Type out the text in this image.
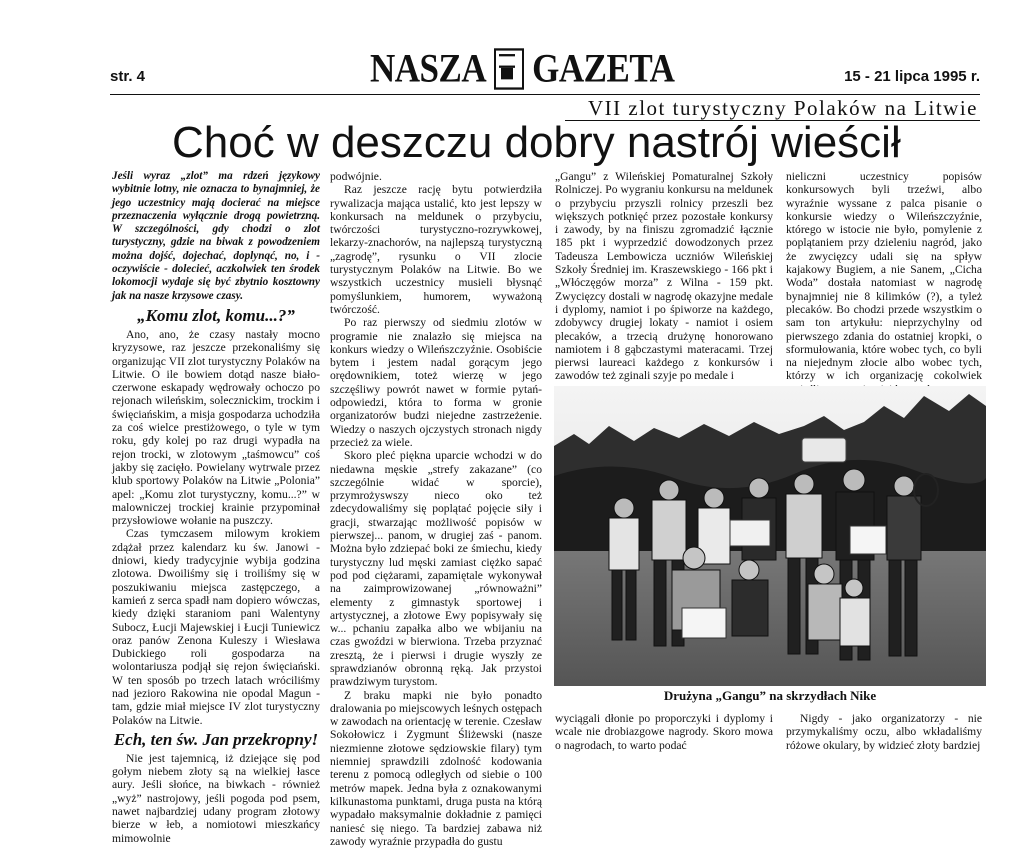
str. 4	NASZA GAZETA	15 - 21 lipca 1995 r.
VII zlot turystyczny Polaków na Litwie
Choć w deszczu dobry nastrój wieścił

Jeśli wyraz „zlot” ma rdzeń językowy wybitnie lotny, nie oznacza to bynajmniej, że jego uczestnicy mają docierać na miejsce przeznaczenia wyłącznie drogą powietrzną. W szczególności, gdy chodzi o zlot turystyczny, gdzie na biwak z powodzeniem można dojść, dojechać, doplynąć, no, i - oczywiście - dolecieć, aczkolwiek ten środek lokomocji wydaje się być zbytnio kosztowny jak na nasze krzysowe czasy.

„Komu zlot, komu...?”

Ano, ano, że czasy nastały mocno kryzysowe, raz jeszcze przekonaliśmy się organizując VII zlot turystyczny Polaków na Litwie. O ile bowiem dotąd nasze biało-czerwone eskapady wędrowały ochoczo po rejonach wileńskim, solecznickim, trockim i święciańskim, a misja gospodarza uchodziła za coś wielce prestiżowego, o tyle w tym roku, gdy kolej po raz drugi wypadła na rejon trocki, w zlotowym „taśmowcu” coś jakby się zacięło. Powielany wytrwale przez klub sportowy Polaków na Litwie „Polonia” apel: „Komu zlot turystyczny, komu...?” w malowniczej trockiej krainie przypominał przysłowiowe wołanie na puszczy.

Czas tymczasem milowym krokiem zdążał przez kalendarz ku św. Janowi - dniowi, kiedy tradycyjnie wybija godzina zlotowa. Dwoiliśmy się i troiliśmy się w poszukiwaniu miejsca zastępczego, a kamień z serca spadł nam dopiero wówczas, kiedy dzięki staraniom pani Walentyny Subocz, Łucji Majewskiej i Łucji Tuniewicz oraz panów Zenona Kuleszy i Wiesława Dubickiego roli gospodarza na wolontariusza podjął się rejon święciański. W ten sposób po trzech latach wróciliśmy nad jezioro Rakowina nie opodal Magun - tam, gdzie miał miejsce IV zlot turystyczny Polaków na Litwie.

Ech, ten św. Jan przekropny!

Nie jest tajemnicą, iż dziejące się pod gołym niebem złoty są na wielkiej łasce aury. Jeśli słońce, na biwkach - również „wyż” nastrojowy, jeśli pogoda pod psem, nawet najbardziej udany program złotowy bierze w łeb, a nomiotowi mieszkańcy mimowolnie

podwójnie.

Raz jeszcze rację bytu potwierdziła rywalizacja mająca ustalić, kto jest lepszy w konkursach na meldunek o przybyciu, twórczości turystyczno-rozrywkowej, lekarzy-znachorów, na najlepszą turystyczną „zagrodę”, rysunku o VII zlocie turystycznym Polaków na Litwie. Bo we wszystkich uczestnicy musieli błysnąć pomyślunkiem, humorem, wyważoną twórczość.

Po raz pierwszy od siedmiu zlotów w programie nie znalazło się miejsca na konkurs wiedzy o Wileńszczyźnie. Osobiście bytem i jestem nadal gorącym jego orędownikiem, toteż wierzę w jego szczęśliwy powrót nawet w formie pytań-odpowiedzi, która to forma w gronie organizatorów budzi niejedne zastrzeżenie. Wiedzy o naszych ojczystych stronach nigdy przecież za wiele.

Skoro pleć pięknа uparcie wchodzi w do niedawna męskie „strefy zakazane” (co szczególnie widać w sporcie), przymrożyswszy nieco oko też zdecydowaliśmy się poplątać pojęcie siły i gracji, stwarzając możliwość popisów w pierwszej... panom, w drugiej zaś - panom. Można było zdziерać boki ze śmiechu, kiedy turystyczny lud męski zamiast ciężko sapać pod pod ciężarami, zapamiętale wykonywał na zaimprowizowanej „równoważni” elementy z gimnastyk sportowej i artystycznej, a złotowe Ewy popisywały się w... pchaniu zapałka albo we wbijaniu na czas gwoździ w bierwiona. Trzeba przyznać zresztą, że i pierwsi i drugie wyszły ze sprawdzianów obronną ręką. Jak przystoi prawdziwym turystom.

Z braku mapki nie było ponadto dralowania po miejscowych leśnych ostępach w zawodach na orientację w terenie. Czesław Sokołowicz i Zygmunt Śliżewski (nasze niezmienne złotowe sędziowskie filary) tym niemniej sprawdzili zdolność kodowania terenu z pomocą odległych od siebie o 100 metrów mapek. Jedna była z oznakowanymi kilkunastoma punktami, druga pusta na którą wypadało maksymalnie dokładnie z pamięci naniesć się niego. Ta bardziej zabawa niż zawody wyraźnie przypadła do gustu

„Gangu” z Wileńskiej Pomaturalnej Szkoły Rolniczej. Po wygraniu konkursu na meldunek o przybyciu przyszli rolnicy przeszli bez większych potknięć przez pozostałe konkursy i zawody, by na finiszu zgromadzić łącznie 185 pkt i wyprzedzić dowodzonych przez Tadeusza Lembowicza uczniów Wileńskiej Szkoły Średniej im. Kraszewskiego - 166 pkt i „Włóczęgów morza” z Wilna - 159 pkt. Zwycięzcy dostali w nagrodę okazyjne medale i dyplomy, namiot i po śpiworze na każdego, zdobywcy drugiej lokaty - namiot i osiem plecaków, a trzecią drużynę honorowano namiotem i 8 gąbczastymi materacami. Trzej pierwsi laureaci każdego z konkursów i zawodów też zginali szyje po medale i

nieliczni uczestnicy popisów konkursowych byli trzeźwi, albo wyraźnie wyssane z palca pisanie o konkursie wiedzy o Wileńszczyźnie, którego w istocie nie było, pomylenie z poplątaniem przy dzieleniu nagród, jako że zwycięzcy udali się na spływ kajakowy Bugiem, a nie Sanem, „Cicha Woda” dostała natomiast w nagrodę bynajmniej nie 8 kilimków (?), a tylеż plecaków. Bo chodzi przede wszystkim o sam ton artykułu: nieprzychylny od pierwszego zdania do ostatniej kropki, o sformułowania, które wobec tych, co byli na niejednym złocie albo wobec tych, którzy w ich organizację cokolwiek

Drużyna „Gangu” na skrzydłach Nike

wyciągali dłonie po proporczyki i dyplomy i wcale nie drobiazgowe nagrody. Skoro mowa o nagrodach, to warto podać

Nigdy - jako organizatorzy - nie przymykaliśmy oczu, albo wkładaliśmy różowe okulary, by widzieć złoty bardziej
